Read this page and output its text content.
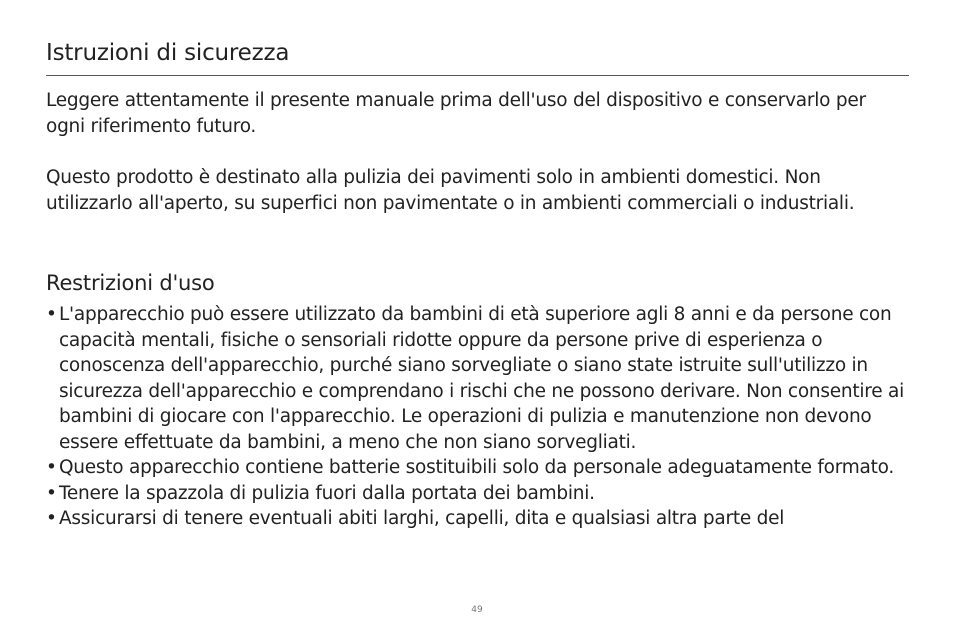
Istruzioni di sicurezza

Leggere attentamente il presente manuale prima dell'uso del dispositivo e conservarlo per ogni riferimento futuro.

Questo prodotto è destinato alla pulizia dei pavimenti solo in ambienti domestici. Non utilizzarlo all'aperto, su superfici non pavimentate o in ambienti commerciali o industriali.

Restrizioni d'uso
• L'apparecchio può essere utilizzato da bambini di età superiore agli 8 anni e da persone con capacità mentali, fisiche o sensoriali ridotte oppure da persone prive di esperienza o conoscenza dell'apparecchio, purché siano sorvegliate o siano state istruite sull'utilizzo in sicurezza dell'apparecchio e comprendano i rischi che ne possono derivare. Non consentire ai bambini di giocare con l'apparecchio. Le operazioni di pulizia e manutenzione non devono essere effettuate da bambini, a meno che non siano sorvegliati.
• Questo apparecchio contiene batterie sostituibili solo da personale adeguatamente formato.
• Tenere la spazzola di pulizia fuori dalla portata dei bambini.
• Assicurarsi di tenere eventuali abiti larghi, capelli, dita e qualsiasi altra parte del
49
